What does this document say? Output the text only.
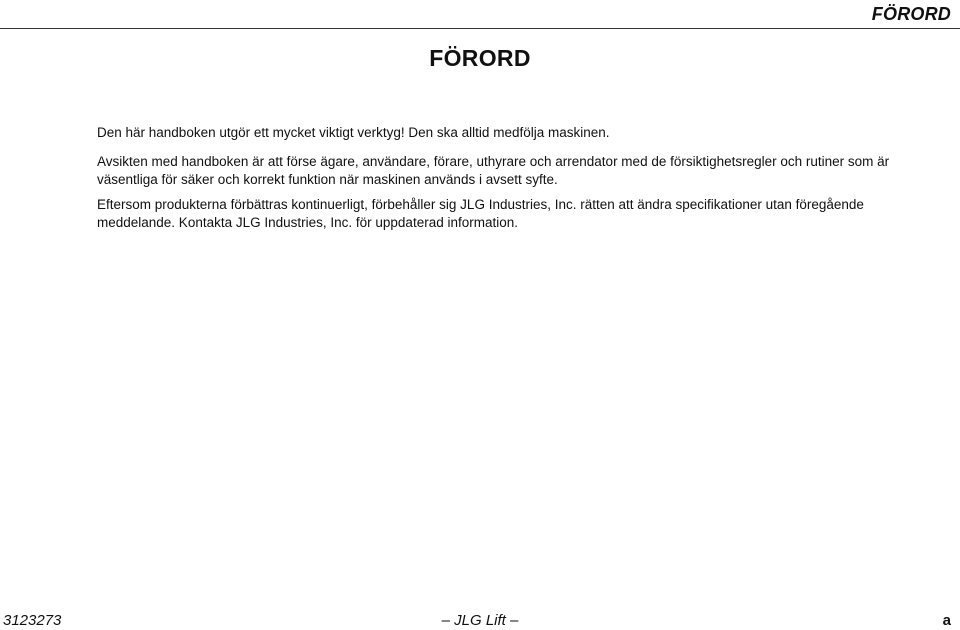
FÖRORD
FÖRORD

Den här handboken utgör ett mycket viktigt verktyg! Den ska alltid medfölja maskinen.

Avsikten med handboken är att förse ägare, användare, förare, uthyrare och arrendator med de försiktighetsregler och rutiner som är väsentliga för säker och korrekt funktion när maskinen används i avsett syfte.

Eftersom produkterna förbättras kontinuerligt, förbehåller sig JLG Industries, Inc. rätten att ändra specifikationer utan föregående meddelande. Kontakta JLG Industries, Inc. för uppdaterad information.

3123273	– JLG Lift –	a
